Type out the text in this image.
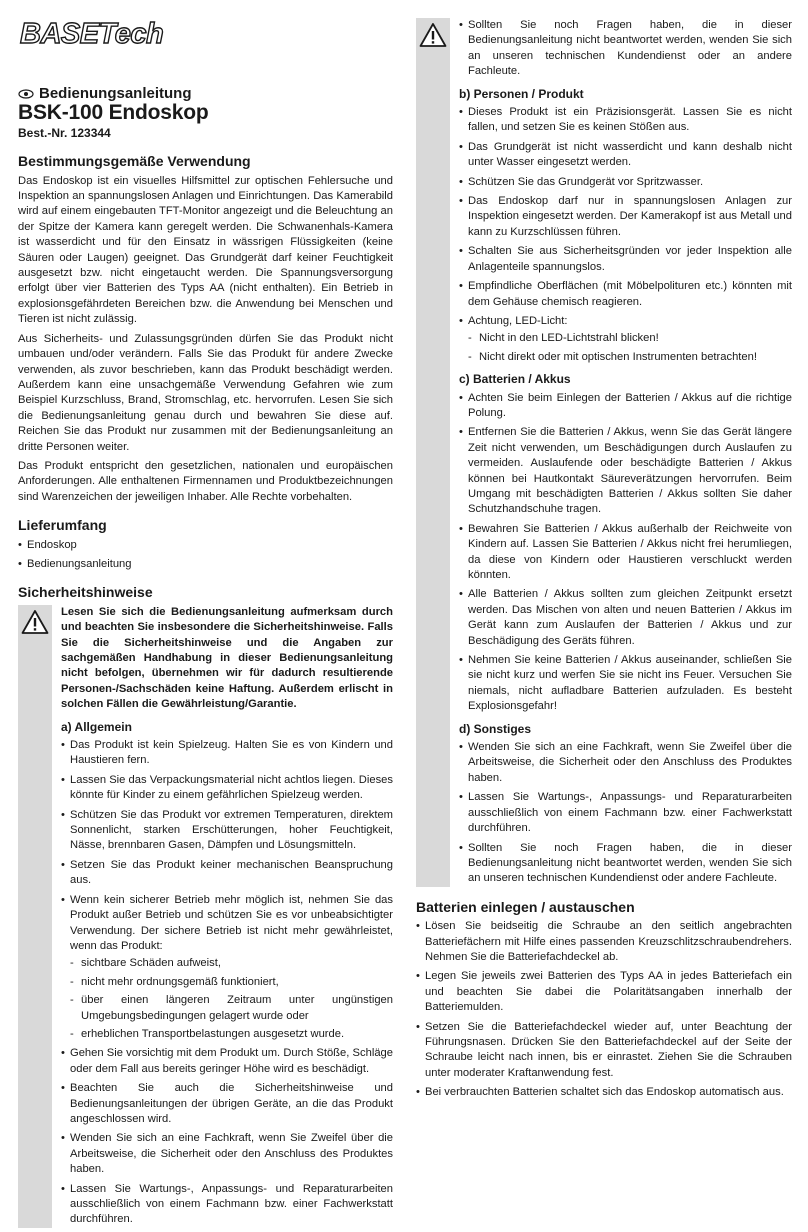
BASETech
Bedienungsanleitung
BSK-100 Endoskop
Best.-Nr. 123344
Bestimmungsgemäße Verwendung

Das Endoskop ist ein visuelles Hilfsmittel zur optischen Fehlersuche und Inspektion an spannungslosen Anlagen und Einrichtungen. Das Kamerabild wird auf einem eingebauten TFT-Monitor angezeigt und die Beleuchtung an der Spitze der Kamera kann geregelt werden. Die Schwanenhals-Kamera ist wasserdicht und für den Einsatz in wässrigen Flüssigkeiten (keine Säuren oder Laugen) geeignet. Das Grundgerät darf keiner Feuchtigkeit ausgesetzt bzw. nicht eingetaucht werden. Die Spannungsversorgung erfolgt über vier Batterien des Typs AA (nicht enthalten). Ein Betrieb in explosionsgefährdeten Bereichen bzw. die Anwendung bei Menschen und Tieren ist nicht zulässig.

Aus Sicherheits- und Zulassungsgründen dürfen Sie das Produkt nicht umbauen und/oder verändern. Falls Sie das Produkt für andere Zwecke verwenden, als zuvor beschrieben, kann das Produkt beschädigt werden. Außerdem kann eine unsachgemäße Verwendung Gefahren wie zum Beispiel Kurzschluss, Brand, Stromschlag, etc. hervorrufen. Lesen Sie sich die Bedienungsanleitung genau durch und bewahren Sie diese auf. Reichen Sie das Produkt nur zusammen mit der Bedienungsanleitung an dritte Personen weiter.

Das Produkt entspricht den gesetzlichen, nationalen und europäischen Anforderungen. Alle enthaltenen Firmennamen und Produktbezeichnungen sind Warenzeichen der jeweiligen Inhaber. Alle Rechte vorbehalten.

Lieferumfang
• Endoskop
• Bedienungsanleitung
Sicherheitshinweise

Lesen Sie sich die Bedienungsanleitung aufmerksam durch und beachten Sie insbesondere die Sicherheitshinweise. Falls Sie die Sicherheitshinweise und die Angaben zur sachgemäßen Handhabung in dieser Bedienungsanleitung nicht befolgen, übernehmen wir für dadurch resultierende Personen-/Sachschäden keine Haftung. Außerdem erlischt in solchen Fällen die Gewährleistung/Garantie.

a) Allgemein
• Das Produkt ist kein Spielzeug. Halten Sie es von Kindern und Haustieren fern.
• Lassen Sie das Verpackungsmaterial nicht achtlos liegen. Dieses könnte für Kinder zu einem gefährlichen Spielzeug werden.
• Schützen Sie das Produkt vor extremen Temperaturen, direktem Sonnenlicht, starken Erschütterungen, hoher Feuchtigkeit, Nässe, brennbaren Gasen, Dämpfen und Lösungsmitteln.
• Setzen Sie das Produkt keiner mechanischen Beanspruchung aus.
• Wenn kein sicherer Betrieb mehr möglich ist, nehmen Sie das Produkt außer Betrieb und schützen Sie es vor unbeabsichtigter Verwendung. Der sichere Betrieb ist nicht mehr gewährleistet, wenn das Produkt:
- sichtbare Schäden aufweist,
- nicht mehr ordnungsgemäß funktioniert,
- über einen längeren Zeitraum unter ungünstigen Umgebungsbedingungen gelagert wurde oder
- erheblichen Transportbelastungen ausgesetzt wurde.
• Gehen Sie vorsichtig mit dem Produkt um. Durch Stöße, Schläge oder dem Fall aus bereits geringer Höhe wird es beschädigt.
• Beachten Sie auch die Sicherheitshinweise und Bedienungsanleitungen der übrigen Geräte, an die das Produkt angeschlossen wird.
• Wenden Sie sich an eine Fachkraft, wenn Sie Zweifel über die Arbeitsweise, die Sicherheit oder den Anschluss des Produktes haben.
• Lassen Sie Wartungs-, Anpassungs- und Reparaturarbeiten ausschließlich von einem Fachmann bzw. einer Fachwerkstatt durchführen.
• Sollten Sie noch Fragen haben, die in dieser Bedienungsanleitung nicht beantwortet werden, wenden Sie sich an unseren technischen Kundendienst oder an andere Fachleute.
b) Personen / Produkt
• Dieses Produkt ist ein Präzisionsgerät. Lassen Sie es nicht fallen, und setzen Sie es keinen Stößen aus.
• Das Grundgerät ist nicht wasserdicht und kann deshalb nicht unter Wasser eingesetzt werden.
• Schützen Sie das Grundgerät vor Spritzwasser.
• Das Endoskop darf nur in spannungslosen Anlagen zur Inspektion eingesetzt werden. Der Kamerakopf ist aus Metall und kann zu Kurzschlüssen führen.
• Schalten Sie aus Sicherheitsgründen vor jeder Inspektion alle Anlagenteile spannungslos.
• Empfindliche Oberflächen (mit Möbelpolituren etc.) könnten mit dem Gehäuse chemisch reagieren.
• Achtung, LED-Licht:
- Nicht in den LED-Lichtstrahl blicken!
- Nicht direkt oder mit optischen Instrumenten betrachten!
c) Batterien / Akkus
• Achten Sie beim Einlegen der Batterien / Akkus auf die richtige Polung.
• Entfernen Sie die Batterien / Akkus, wenn Sie das Gerät längere Zeit nicht verwenden, um Beschädigungen durch Auslaufen zu vermeiden. Auslaufende oder beschädigte Batterien / Akkus können bei Hautkontakt Säureverätzungen hervorrufen. Beim Umgang mit beschädigten Batterien / Akkus sollten Sie daher Schutzhandschuhe tragen.
• Bewahren Sie Batterien / Akkus außerhalb der Reichweite von Kindern auf. Lassen Sie Batterien / Akkus nicht frei herumliegen, da diese von Kindern oder Haustieren verschluckt werden könnten.
• Alle Batterien / Akkus sollten zum gleichen Zeitpunkt ersetzt werden. Das Mischen von alten und neuen Batterien / Akkus im Gerät kann zum Auslaufen der Batterien / Akkus und zur Beschädigung des Geräts führen.
• Nehmen Sie keine Batterien / Akkus auseinander, schließen Sie sie nicht kurz und werfen Sie sie nicht ins Feuer. Versuchen Sie niemals, nicht aufladbare Batterien aufzuladen. Es besteht Explosionsgefahr!
d) Sonstiges
• Wenden Sie sich an eine Fachkraft, wenn Sie Zweifel über die Arbeitsweise, die Sicherheit oder den Anschluss des Produktes haben.
• Lassen Sie Wartungs-, Anpassungs- und Reparaturarbeiten ausschließlich von einem Fachmann bzw. einer Fachwerkstatt durchführen.
• Sollten Sie noch Fragen haben, die in dieser Bedienungsanleitung nicht beantwortet werden, wenden Sie sich an unseren technischen Kundendienst oder andere Fachleute.
Batterien einlegen / austauschen
• Lösen Sie beidseitig die Schraube an den seitlich angebrachten Batteriefächern mit Hilfe eines passenden Kreuzschlitzschraubendrehers. Nehmen Sie die Batteriefachdeckel ab.
• Legen Sie jeweils zwei Batterien des Typs AA in jedes Batteriefach ein und beachten Sie dabei die Polaritätsangaben innerhalb der Batteriemulden.
• Setzen Sie die Batteriefachdeckel wieder auf, unter Beachtung der Führungsnasen. Drücken Sie den Batteriefachdeckel auf der Seite der Schraube leicht nach innen, bis er einrastet. Ziehen Sie die Schrauben unter moderater Kraftanwendung fest.
• Bei verbrauchten Batterien schaltet sich das Endoskop automatisch aus.
